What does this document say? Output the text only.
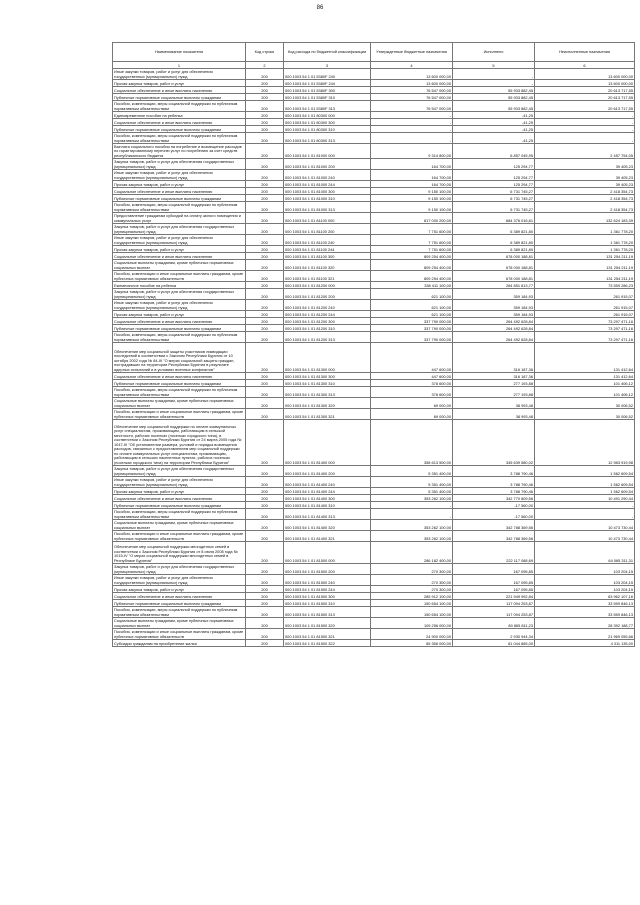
86
Наименование показателя	Код строки	Код расхода по бюджетной классификации	Утвержденные бюджетные назначения	Исполнено	Неисполненные назначения
1	2	3	4	5	6
Иные закупки товаров, работ и услуг для обеспечения государственных (муниципальных) нужд	200	000 1003 54 1 01 5380F 240	13 600 000,00	-	13 600 000,00
Прочая закупка товаров, работ и услуг	200	000 1003 54 1 01 5380F 244	13 600 000,00	-	13 600 000,00
Социальное обеспечение и иные выплаты населению	200	000 1003 54 1 01 5380F 300	76 547 000,00	55 933 882,45	20 613 717,55
Публичные нормативные социальные выплаты гражданам	200	000 1003 54 1 01 5380F 310	76 547 000,00	55 933 882,45	20 613 717,55
Пособия, компенсации, меры социальной поддержки по публичным нормативным обязательствам	200	000 1003 54 1 01 5380F 313	76 547 000,00	55 933 882,45	20 613 717,55
Единовременное пособие на ребенка	200	000 1003 54 1 01 80300 000	-	-41,25	-
Социальное обеспечение и иные выплаты населению	200	000 1003 54 1 01 80300 300	-	-41,25	-
Публичные нормативные социальные выплаты гражданам	200	000 1003 54 1 01 80300 310	-	-41,25	-
Пособия, компенсации, меры социальной поддержки по публичным нормативным обязательствам	200	000 1003 54 1 01 80300 313	-	-41,25	-
Выплата социального пособия на погребение и возмещение расходов по гарантированному перечню услуг по погребению за счет средств республиканского бюджета	200	000 1003 54 1 01 81000 000	9 314 800,00	6 857 045,95	2 457 754,05
Закупка товаров, работ и услуг для обеспечения государственных (муниципальных) нужд	200	000 1003 54 1 01 81000 200	164 700,00	125 294,77	39 405,23
Иные закупки товаров, работ и услуг для обеспечения государственных (муниципальных) нужд	200	000 1003 54 1 01 81000 240	164 700,00	125 294,77	39 405,23
Прочая закупка товаров, работ и услуг	200	000 1003 54 1 01 81000 244	164 700,00	125 294,77	39 405,23
Социальное обеспечение и иные выплаты населению	200	000 1003 54 1 01 81000 300	9 150 100,00	6 731 745,27	2 418 354,73
Публичные нормативные социальные выплаты гражданам	200	000 1003 54 1 01 81000 310	9 150 100,00	6 731 745,27	2 418 354,73
Пособия, компенсации, меры социальной поддержки по публичным нормативным обязательствам	200	000 1003 54 1 01 81000 313	9 150 100,00	6 731 745,27	2 418 354,73
Предоставление гражданам субсидий на оплату жилого помещения и коммунальных услуг	200	000 1003 54 1 01 81100 000	817 000 200,00	684 376 016,61	132 624 183,39
Закупка товаров, работ и услуг для обеспечения государственных (муниципальных) нужд	200	000 1003 54 1 01 81100 200	7 751 600,00	6 389 821,80	1 361 778,20
Иные закупки товаров, работ и услуг для обеспечения государственных (муниципальных) нужд	200	000 1003 54 1 01 81100 240	7 751 600,00	6 389 821,80	1 361 778,20
Прочая закупка товаров, работ и услуг	200	000 1003 54 1 01 81100 244	7 751 600,00	6 389 821,80	1 361 778,20
Социальное обеспечение и иные выплаты населению	200	000 1003 54 1 01 81100 300	809 254 400,00	678 000 188,81	131 254 211,19
Социальные выплаты гражданам, кроме публичных нормативных социальных выплат	200	000 1003 54 1 01 81100 320	809 254 400,00	678 000 188,81	131 254 211,19
Пособия, компенсации и иные социальные выплаты гражданам, кроме публичных нормативных обязательств	200	000 1003 54 1 01 81100 321	809 254 400,00	678 000 188,81	131 254 211,19
Ежемесячное пособие на ребенка	200	000 1003 54 1 01 81200 000	338 411 100,00	264 851 813,77	73 559 286,23
Закупка товаров, работ и услуг для обеспечения государственных (муниципальных) нужд	200	000 1003 54 1 01 81200 200	621 100,00	359 184,93	261 915,07
Иные закупки товаров, работ и услуг для обеспечения государственных (муниципальных) нужд	200	000 1003 54 1 01 81200 240	621 100,00	359 184,93	261 915,07
Прочая закупка товаров, работ и услуг	200	000 1003 54 1 01 81200 244	621 100,00	359 184,93	261 915,07
Социальное обеспечение и иные выплаты населению	200	000 1003 54 1 01 81200 300	337 790 000,00	264 492 628,84	73 297 471,16
Публичные нормативные социальные выплаты гражданам	200	000 1003 54 1 01 81200 310	337 790 000,00	264 492 628,84	73 297 471,16
Пособия, компенсации, меры социальной поддержки по публичным нормативным обязательствам	200	000 1003 54 1 01 81200 313	337 790 000,00	264 492 628,84	73 297 471,16
Обеспечение мер социальной защиты участников ликвидации последствий в соответствии с Законом Республики Бурятия от 10 октября 2002 года № 84-III "О мерах социальной защиты граждан, пострадавших на территории Республики Бурятия в результате ядерных испытаний и в условиях военных конфликтов"	200	000 1003 54 1 01 81300 000	447 600,00	316 187,36	131 412,64
Социальное обеспечение и иные выплаты населению	200	000 1003 54 1 01 81300 300	447 600,00	316 187,36	131 412,64
Публичные нормативные социальные выплаты гражданам	200	000 1003 54 1 01 81300 310	378 600,00	277 193,88	101 406,12
Пособия, компенсации, меры социальной поддержки по публичным нормативным обязательствам	200	000 1003 54 1 01 81300 313	378 600,00	277 193,88	101 406,12
Социальные выплаты гражданам, кроме публичных нормативных социальных выплат	200	000 1003 54 1 01 81300 320	69 000,00	38 993,48	30 006,52
Пособия, компенсации и иные социальные выплаты гражданам, кроме публичных нормативных обязательств	200	000 1003 54 1 01 81300 321	69 000,00	38 993,48	30 006,52
Обеспечение мер социальной поддержки по оплате коммунальных услуг специалистам, проживающим, работающим в сельской местности, рабочих поселках (поселках городского типа), в соответствии с Законом Республики Бурятия от 24 марта 2005 года № 1047-III "Об установлении размера, условий и порядка возмещения расходов, связанных с предоставлением мер социальной поддержки по оплате коммунальных услуг специалистам, проживающим, работающим в сельских населенных пунктах, рабочих поселках (поселках городского типа) на территории Республики Бурятия"	200	000 1003 54 1 01 81400 000	358 613 500,00	345 639 580,02	12 983 919,98
Закупка товаров, работ и услуг для обеспечения государственных (муниципальных) нужд	200	000 1003 54 1 01 81400 200	5 351 400,00	3 788 790,46	1 562 609,54
Иные закупки товаров, работ и услуг для обеспечения государственных (муниципальных) нужд	200	000 1003 54 1 01 81400 240	5 351 400,00	3 788 790,46	1 562 609,54
Прочая закупка товаров, работ и услуг	200	000 1003 54 1 01 81400 244	5 351 400,00	3 788 790,46	1 562 609,54
Социальное обеспечение и иные выплаты населению	200	000 1003 54 1 01 81400 300	353 262 100,00	342 770 809,56	10 491 290,44
Публичные нормативные социальные выплаты гражданам	200	000 1003 54 1 01 81400 310	-	-17 560,00	-
Пособия, компенсации, меры социальной поддержки по публичным нормативным обязательствам	200	000 1003 54 1 01 81400 313	-	-17 560,00	-
Социальные выплаты гражданам, кроме публичных нормативных социальных выплат	200	000 1003 54 1 01 81400 320	353 262 100,00	342 788 369,56	10 473 730,44
Пособия, компенсации и иные социальные выплаты гражданам, кроме публичных нормативных обязательств	200	000 1003 54 1 01 81400 321	353 262 100,00	342 788 369,56	10 473 730,44
Обеспечение мер социальной поддержки многодетных семей в соответствии с Законом Республики Бурятия от 8 июля 2008 года № 1015-IV "О мерах социальной поддержки многодетных семей в Республике Бурятия"	200	000 1003 54 1 01 81500 000	286 182 400,00	222 117 088,69	64 065 311,31
Закупка товаров, работ и услуг для обеспечения государственных (муниципальных) нужд	200	000 1003 54 1 01 81500 200	270 300,00	167 095,85	103 204,15
Иные закупки товаров, работ и услуг для обеспечения государственных (муниципальных) нужд	200	000 1003 54 1 01 81500 240	270 300,00	167 095,85	103 204,15
Прочая закупка товаров, работ и услуг	200	000 1003 54 1 01 81500 244	270 300,00	167 095,85	103 204,15
Социальное обеспечение и иные выплаты населению	200	000 1003 54 1 01 81500 300	285 912 100,00	221 949 992,84	63 962 107,16
Публичные нормативные социальные выплаты гражданам	200	000 1003 54 1 01 81500 310	150 654 100,00	117 094 253,87	33 559 846,13
Пособия, компенсации, меры социальной поддержки по публичным нормативным обязательствам	200	000 1003 54 1 01 81500 313	150 654 100,00	117 094 253,87	33 559 846,13
Социальные выплаты гражданам, кроме публичных нормативных социальных выплат	200	000 1003 54 1 01 81500 320	109 256 000,00	80 865 811,23	28 392 188,77
Пособия, компенсации и иные социальные выплаты гражданам, кроме публичных нормативных обязательств	200	000 1003 54 1 01 81500 321	24 900 000,00	2 930 944,34	21 969 055,66
Субсидии гражданам на приобретение жилья	200	000 1003 54 1 01 81500 322	85 356 000,00	81 044 865,00	4 311 135,00
